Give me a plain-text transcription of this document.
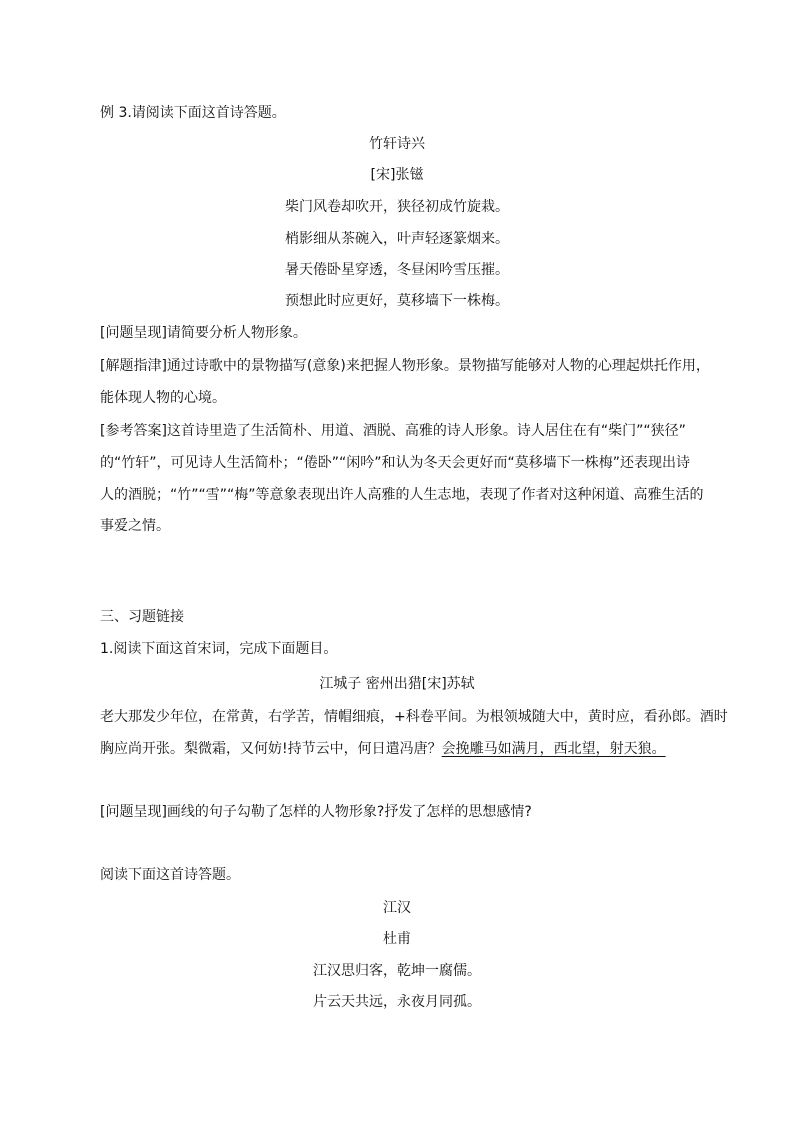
例 3.请阅读下面这首诗答题。
竹轩诗兴
[宋]张镃
柴门风卷却吹开，狭径初成竹旋栽。
梢影细从茶碗入，叶声轻逐篆烟来。
暑天倦卧星穿透，冬昼闲吟雪压摧。
预想此时应更好，莫移墙下一株梅。
[问题呈现]请简要分析人物形象。
[解题指津]通过诗歌中的景物描写(意象)来把握人物形象。景物描写能够对人物的心理起烘托作用，
能体现人物的心境。
[参考答案]这首诗里造了生活简朴、用道、酒脱、高雅的诗人形象。诗人居住在有“柴门”“狭径”
的“竹轩”，可见诗人生活简朴；“倦卧”“闲吟”和认为冬天会更好而“莫移墙下一株梅”还表现出诗
人的酒脱；“竹”“雪”“梅”等意象表现出许人高雅的人生志地，表现了作者对这种闲道、高雅生活的
事爱之情。
三、习题链接
1.阅读下面这首宋词，完成下面题目。
江城子 密州出猎[宋]苏轼
老大那发少年位，在常黄，右学苦，情帽细痕，+科卷平间。为根领城随大中，黄时应，看孙郎。酒时
胸应尚开张。梨微霜，又何妨!持节云中，何日遣冯唐？会挽雕马如满月，西北望，射天狼。
[问题呈现]画线的句子勾勒了怎样的人物形象?抒发了怎样的思想感情?
阅读下面这首诗答题。
江汉
杜甫
江汉思归客，乾坤一腐儒。
片云天共远，永夜月同孤。
